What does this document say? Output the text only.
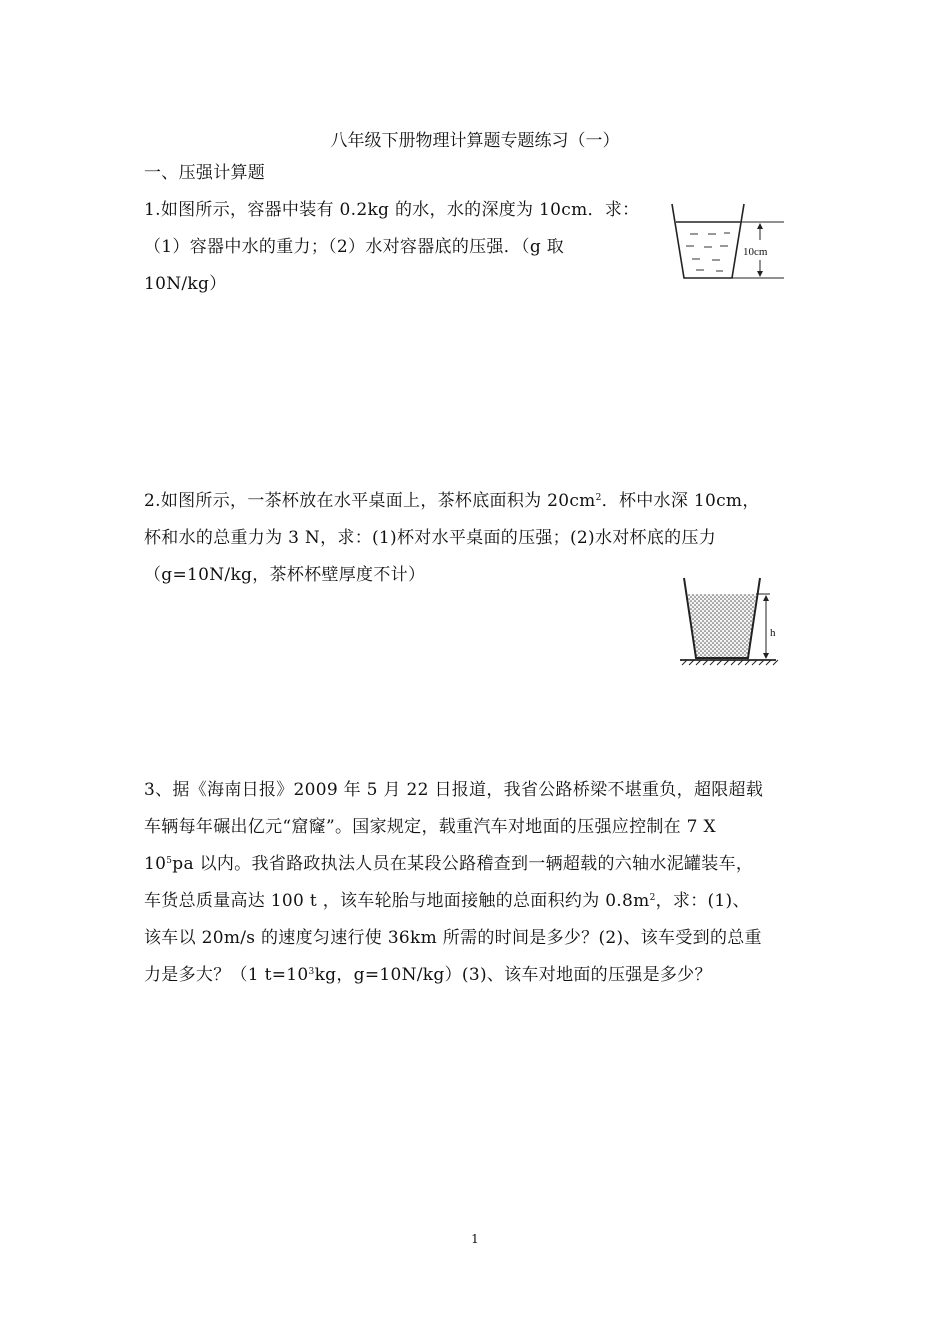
八年级下册物理计算题专题练习（一）
一、压强计算题
1.如图所示，容器中装有 0.2kg 的水，水的深度为 10cm．求：
（1）容器中水的重力；（2）水对容器底的压强．（g 取
10N/kg）
10cm
2.如图所示，一茶杯放在水平桌面上，茶杯底面积为 $20cm^2$．杯中水深 10cm，
杯和水的总重力为 3 N，求：(1)杯对水平桌面的压强；(2)水对杯底的压力
（g=10N/kg，茶杯杯壁厚度不计）
h
3、据《海南日报》2009 年 5 月 22 日报道，我省公路桥梁不堪重负，超限超载
车辆每年碾出亿元“窟窿”。国家规定，载重汽车对地面的压强应控制在 7 X
$10^5pa$ 以内。我省路政执法人员在某段公路稽查到一辆超载的六轴水泥罐装车，
车货总质量高达 100 t ，该车轮胎与地面接触的总面积约为 $0.8m^2$，求：(1)、
该车以 20m/s 的速度匀速行使 36km 所需的时间是多少？(2)、该车受到的总重
力是多大？（1 $t=10^3kg$，g=10N/kg）(3)、该车对地面的压强是多少？
1
